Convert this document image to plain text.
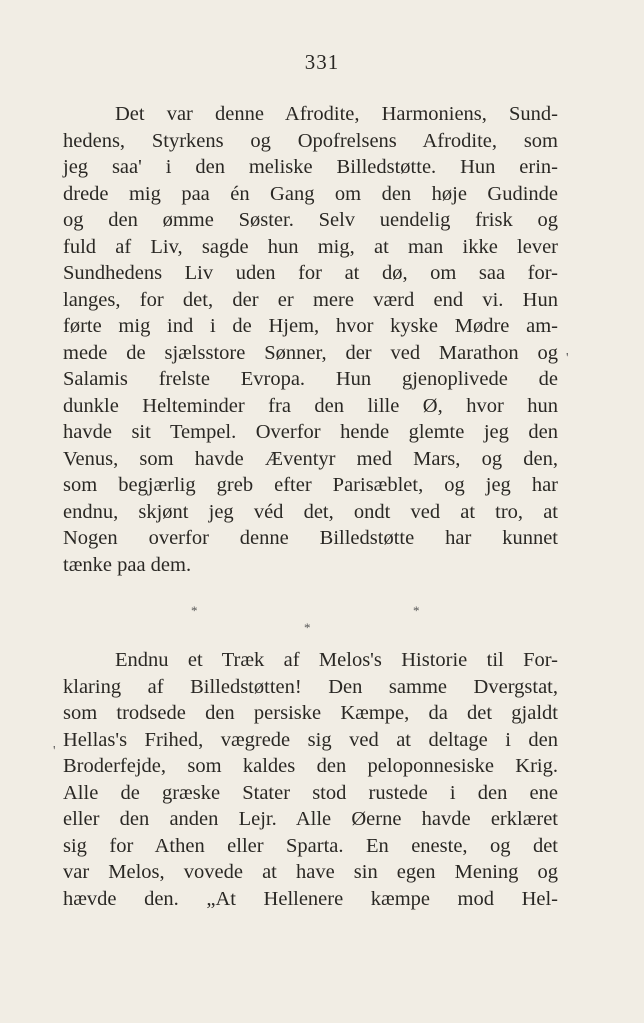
331
Det var denne Afrodite, Harmoniens, Sund-
hedens, Styrkens og Opofrelsens Afrodite, som
jeg saa' i den meliske Billedstøtte. Hun erin-
drede mig paa én Gang om den høje Gudinde
og den ømme Søster. Selv uendelig frisk og
fuld af Liv, sagde hun mig, at man ikke lever
Sundhedens Liv uden for at dø, om saa for-
langes, for det, der er mere værd end vi. Hun
førte mig ind i de Hjem, hvor kyske Mødre am-
mede de sjælsstore Sønner, der ved Marathon og
Salamis frelste Evropa. Hun gjenoplivede de
dunkle Helteminder fra den lille Ø, hvor hun
havde sit Tempel. Overfor hende glemte jeg den
Venus, som havde Æventyr med Mars, og den,
som begjærlig greb efter Parisæblet, og jeg har
endnu, skjønt jeg véd det, ondt ved at tro, at
Nogen overfor denne Billedstøtte har kunnet
tænke paa dem.
'
*	*
*
Endnu et Træk af Melos's Historie til For-
klaring af Billedstøtten! Den samme Dvergstat,
som trodsede den persiske Kæmpe, da det gjaldt
Hellas's Frihed, vægrede sig ved at deltage i den
Broderfejde, som kaldes den peloponnesiske Krig.
Alle de græske Stater stod rustede i den ene
eller den anden Lejr. Alle Øerne havde erklæret
sig for Athen eller Sparta. En eneste, og det
var Melos, vovede at have sin egen Mening og
hævde den. „At Hellenere kæmpe mod Hel-
'
